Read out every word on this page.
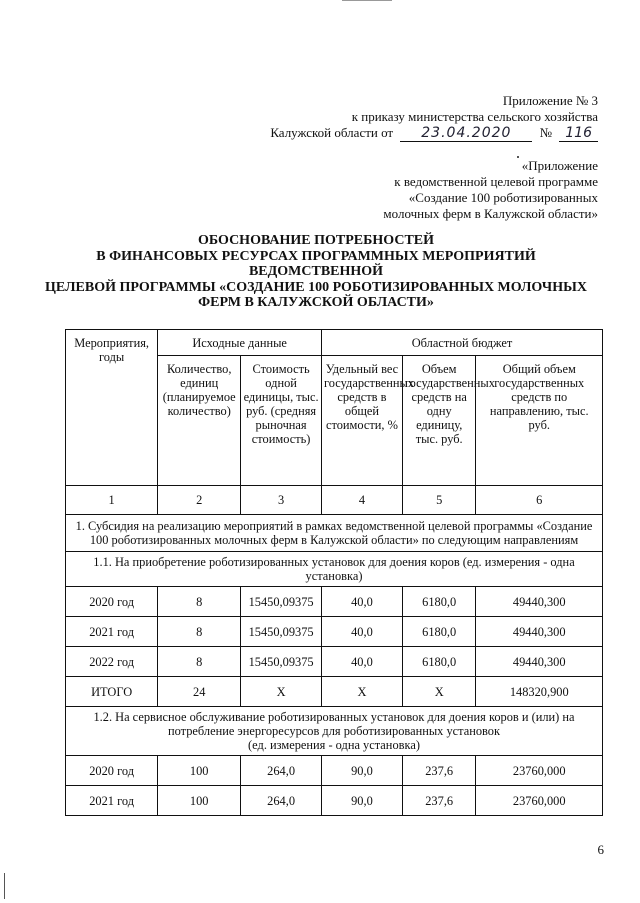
Приложение № 3
к приказу министерства сельского хозяйства
Калужской области от 23.04.2020 № 116
«Приложение
к ведомственной целевой программе
«Создание 100 роботизированных
молочных ферм в Калужской области»
ОБОСНОВАНИЕ ПОТРЕБНОСТЕЙ
В ФИНАНСОВЫХ РЕСУРСАХ ПРОГРАММНЫХ МЕРОПРИЯТИЙ
ВЕДОМСТВЕННОЙ
ЦЕЛЕВОЙ ПРОГРАММЫ «СОЗДАНИЕ 100 РОБОТИЗИРОВАННЫХ МОЛОЧНЫХ
ФЕРМ В КАЛУЖСКОЙ ОБЛАСТИ»
Мероприятия, годы	Исходные данные		Областной бюджет		
	Количество, единиц (планируемое количество)	Стоимость одной единицы, тыс. руб. (средняя рыночная стоимость)	Удельный вес государственных средств в общей стоимости, %	Объем государственных средств на одну единицу, тыс. руб.	Общий объем государственных средств по направлению, тыс. руб.
1	2	3	4	5	6
1. Субсидия на реализацию мероприятий в рамках ведомственной целевой программы «Создание 100 роботизированных молочных ферм в Калужской области» по следующим направлениям					
1.1. На приобретение роботизированных установок для доения коров (ед. измерения - одна установка)					
2020 год	8	15450,09375	40,0	6180,0	49440,300
2021 год	8	15450,09375	40,0	6180,0	49440,300
2022 год	8	15450,09375	40,0	6180,0	49440,300
ИТОГО	24	X	X	X	148320,900
1.2. На сервисное обслуживание роботизированных установок для доения коров и (или) на потребление энергоресурсов для роботизированных установок
(ед. измерения - одна установка)					
2020 год	100	264,0	90,0	237,6	23760,000
2021 год	100	264,0	90,0	237,6	23760,000
6
